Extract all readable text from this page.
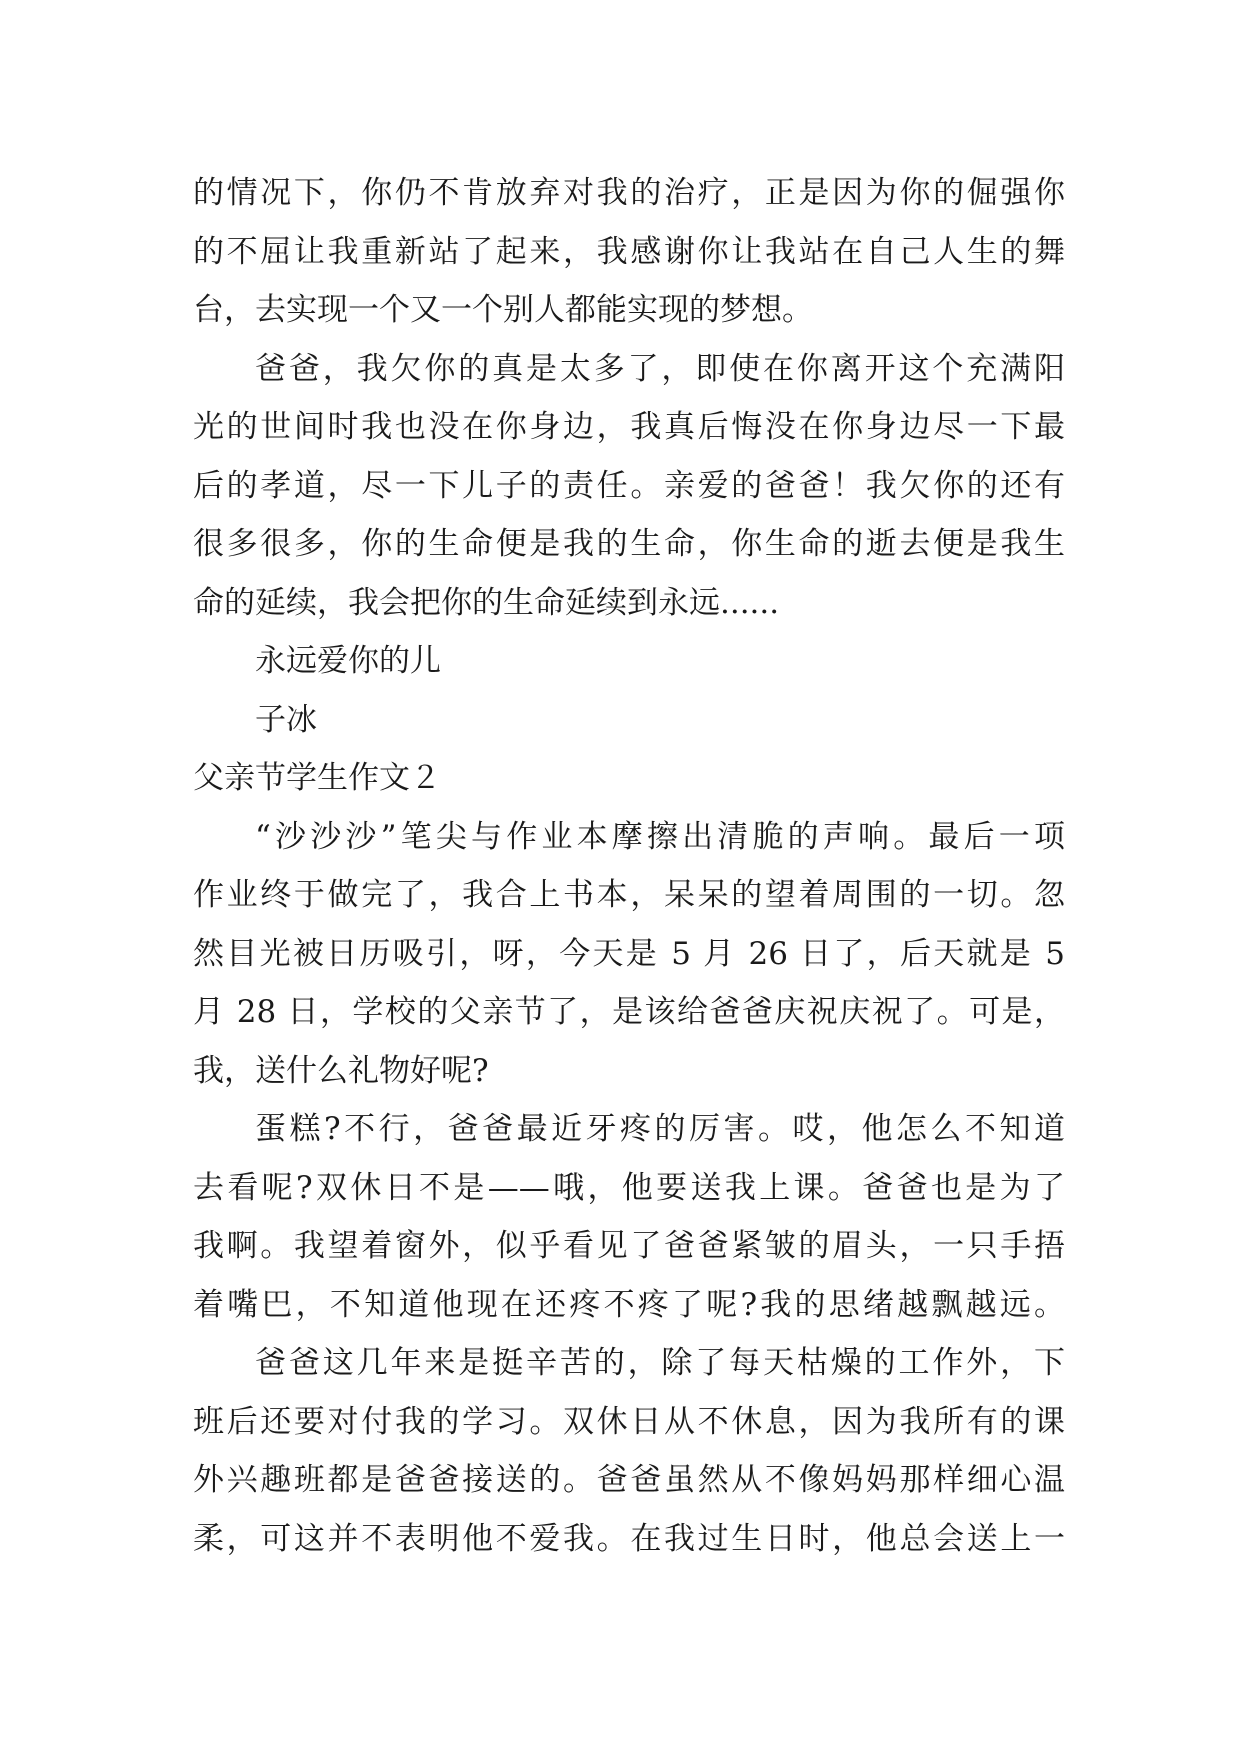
的情况下，你仍不肯放弃对我的治疗，正是因为你的倔强你
的不屈让我重新站了起来，我感谢你让我站在自己人生的舞
台，去实现一个又一个别人都能实现的梦想。
爸爸，我欠你的真是太多了，即使在你离开这个充满阳
光的世间时我也没在你身边，我真后悔没在你身边尽一下最
后的孝道，尽一下儿子的责任。亲爱的爸爸！我欠你的还有
很多很多，你的生命便是我的生命，你生命的逝去便是我生
命的延续，我会把你的生命延续到永远......
永远爱你的儿
子冰
父亲节学生作文２
“沙沙沙”笔尖与作业本摩擦出清脆的声响。最后一项
作业终于做完了，我合上书本，呆呆的望着周围的一切。忽
然目光被日历吸引，呀，今天是 5 月 26 日了，后天就是 5
月 28 日，学校的父亲节了，是该给爸爸庆祝庆祝了。可是，
我，送什么礼物好呢?
蛋糕?不行，爸爸最近牙疼的厉害。哎，他怎么不知道
去看呢?双休日不是——哦，他要送我上课。爸爸也是为了
我啊。我望着窗外，似乎看见了爸爸紧皱的眉头，一只手捂
着嘴巴，不知道他现在还疼不疼了呢?我的思绪越飘越远。
爸爸这几年来是挺辛苦的，除了每天枯燥的工作外，下
班后还要对付我的学习。双休日从不休息，因为我所有的课
外兴趣班都是爸爸接送的。爸爸虽然从不像妈妈那样细心温
柔，可这并不表明他不爱我。在我过生日时，他总会送上一
